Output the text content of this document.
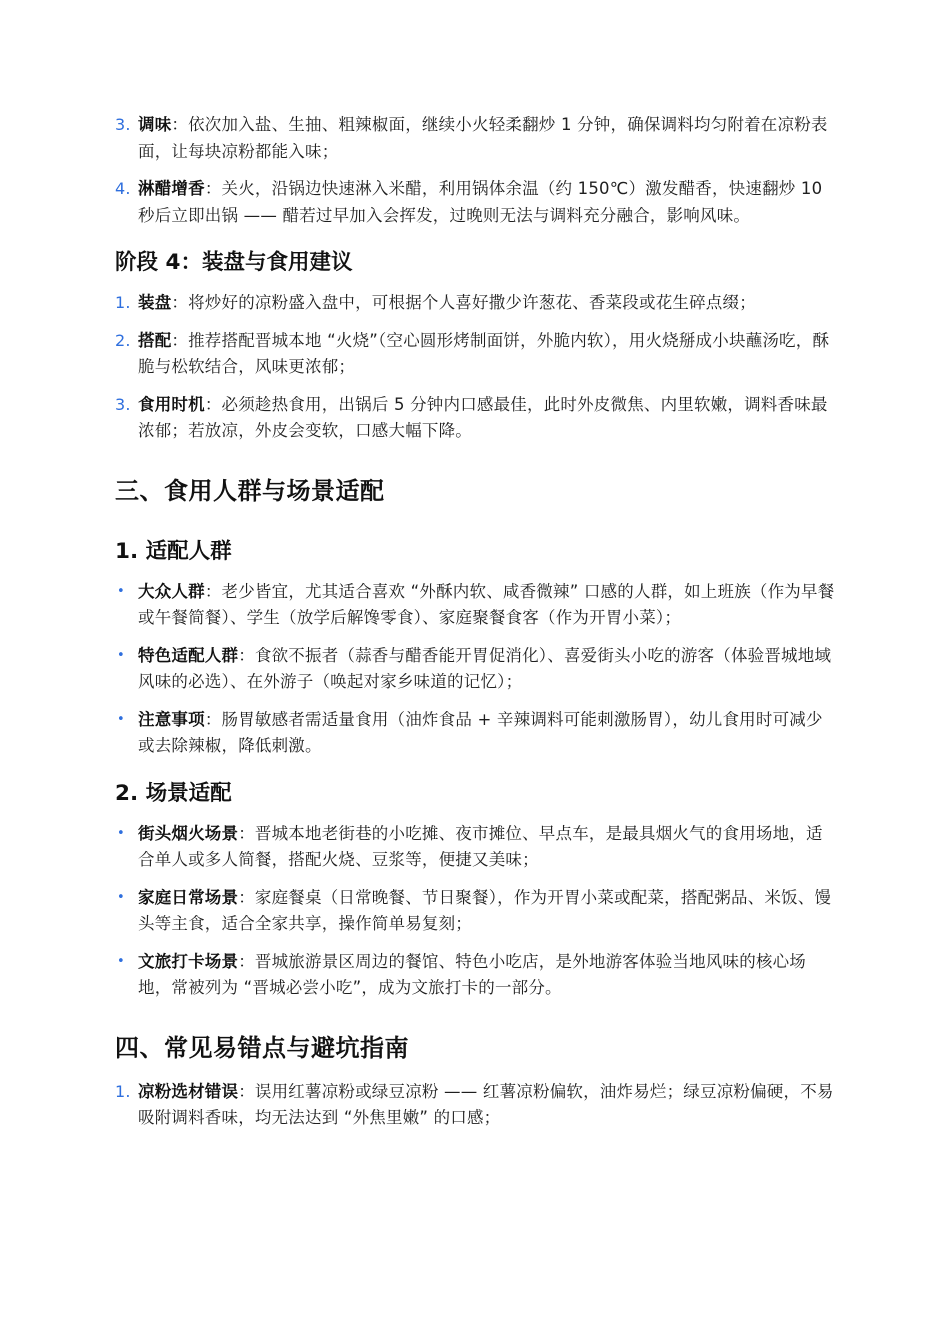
3. 调味：依次加入盐、生抽、粗辣椒面，继续小火轻柔翻炒 1 分钟，确保调料均匀附着在凉粉表面，让每块凉粉都能入味；
4. 淋醋增香：关火，沿锅边快速淋入米醋，利用锅体余温（约 150℃）激发醋香，快速翻炒 10 秒后立即出锅 —— 醋若过早加入会挥发，过晚则无法与调料充分融合，影响风味。
阶段 4：装盘与食用建议
1. 装盘：将炒好的凉粉盛入盘中，可根据个人喜好撒少许葱花、香菜段或花生碎点缀；
2. 搭配：推荐搭配晋城本地 “火烧”（空心圆形烤制面饼，外脆内软），用火烧掰成小块蘸汤吃，酥脆与松软结合，风味更浓郁；
3. 食用时机：必须趁热食用，出锅后 5 分钟内口感最佳，此时外皮微焦、内里软嫩，调料香味最浓郁；若放凉，外皮会变软，口感大幅下降。
三、食用人群与场景适配
1. 适配人群
• 大众人群：老少皆宜，尤其适合喜欢 “外酥内软、咸香微辣” 口感的人群，如上班族（作为早餐或午餐简餐）、学生（放学后解馋零食）、家庭聚餐食客（作为开胃小菜）；
• 特色适配人群：食欲不振者（蒜香与醋香能开胃促消化）、喜爱街头小吃的游客（体验晋城地域风味的必选）、在外游子（唤起对家乡味道的记忆）；
• 注意事项：肠胃敏感者需适量食用（油炸食品 + 辛辣调料可能刺激肠胃），幼儿食用时可减少或去除辣椒，降低刺激。
2. 场景适配
• 街头烟火场景：晋城本地老街巷的小吃摊、夜市摊位、早点车，是最具烟火气的食用场地，适合单人或多人简餐，搭配火烧、豆浆等，便捷又美味；
• 家庭日常场景：家庭餐桌（日常晚餐、节日聚餐），作为开胃小菜或配菜，搭配粥品、米饭、馒头等主食，适合全家共享，操作简单易复刻；
• 文旅打卡场景：晋城旅游景区周边的餐馆、特色小吃店，是外地游客体验当地风味的核心场地，常被列为 “晋城必尝小吃”，成为文旅打卡的一部分。
四、常见易错点与避坑指南
1. 凉粉选材错误：误用红薯凉粉或绿豆凉粉 —— 红薯凉粉偏软，油炸易烂；绿豆凉粉偏硬，不易吸附调料香味，均无法达到 “外焦里嫩” 的口感；
